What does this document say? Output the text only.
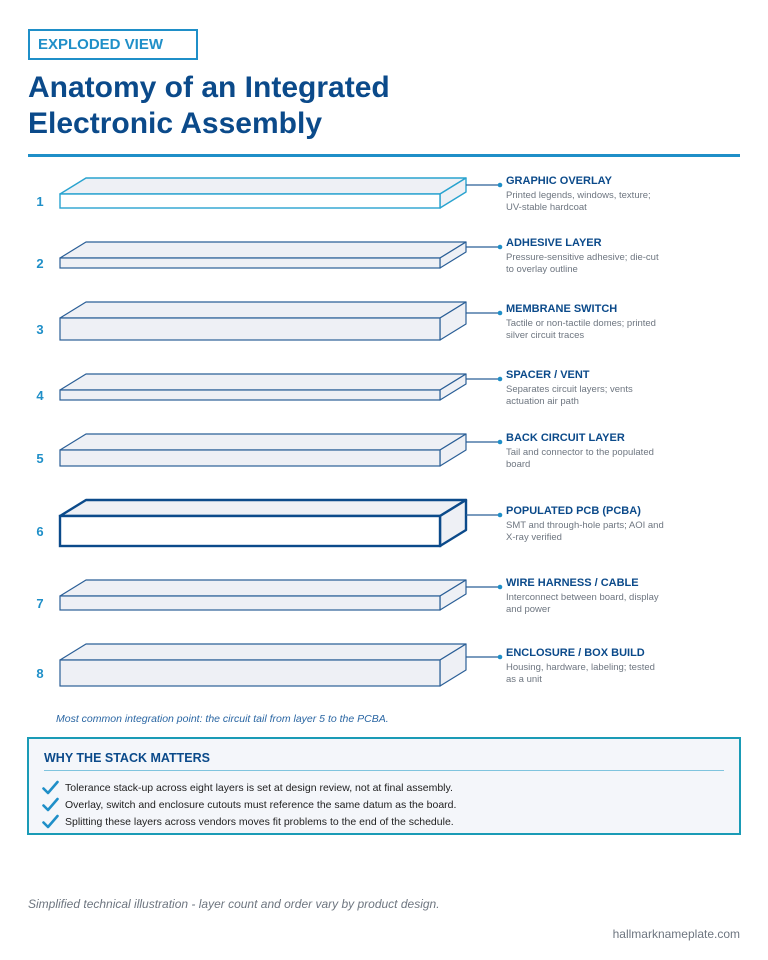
EXPLODED VIEW
Anatomy of an Integrated
Electronic Assembly
1
2
3
4
5
6
7
8
GRAPHIC OVERLAY
Printed legends, windows, texture; UV-stable hardcoat
ADHESIVE LAYER
Pressure-sensitive adhesive; die-cut to overlay outline
MEMBRANE SWITCH
Tactile or non-tactile domes; printed silver circuit traces
SPACER / VENT
Separates circuit layers; vents actuation air path
BACK CIRCUIT LAYER
Tail and connector to the populated board
POPULATED PCB (PCBA)
SMT and through-hole parts; AOI and X-ray verified
WIRE HARNESS / CABLE
Interconnect between board, display and power
ENCLOSURE / BOX BUILD
Housing, hardware, labeling; tested as a unit
Most common integration point: the circuit tail from layer 5 to the PCBA.
WHY THE STACK MATTERS
Tolerance stack-up across eight layers is set at design review, not at final assembly.
Overlay, switch and enclosure cutouts must reference the same datum as the board.
Splitting these layers across vendors moves fit problems to the end of the schedule.
Simplified technical illustration - layer count and order vary by product design.
hallmarknameplate.com
